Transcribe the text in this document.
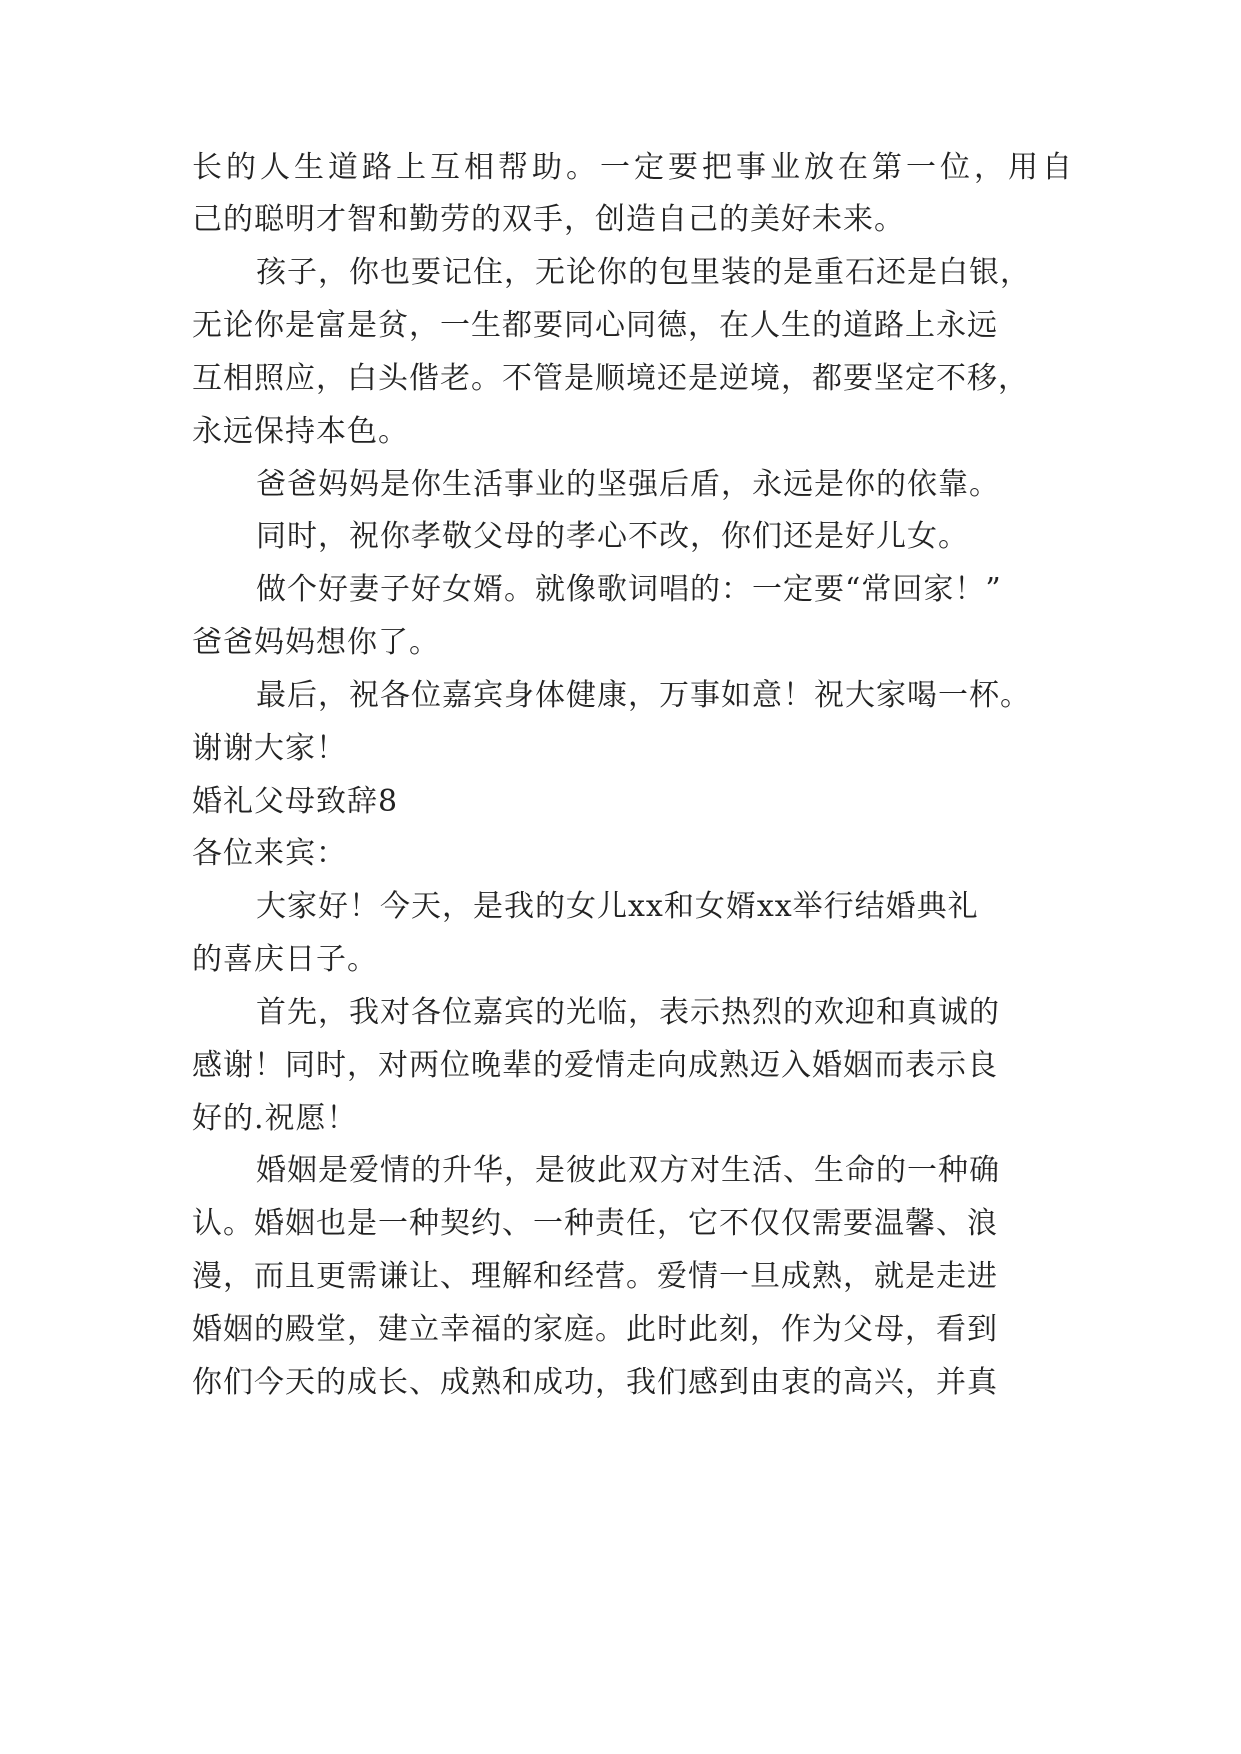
长的人生道路上互相帮助。一定要把事业放在第一位，用自
己的聪明才智和勤劳的双手，创造自己的美好未来。
孩子，你也要记住，无论你的包里装的是重石还是白银，
无论你是富是贫，一生都要同心同德，在人生的道路上永远
互相照应，白头偕老。不管是顺境还是逆境，都要坚定不移，
永远保持本色。
爸爸妈妈是你生活事业的坚强后盾，永远是你的依靠。
同时，祝你孝敬父母的孝心不改，你们还是好儿女。
做个好妻子好女婿。就像歌词唱的：一定要“常回家！”
爸爸妈妈想你了。
最后，祝各位嘉宾身体健康，万事如意！祝大家喝一杯。
谢谢大家！
婚礼父母致辞8
各位来宾：
大家好！今天，是我的女儿xx和女婿xx举行结婚典礼
的喜庆日子。
首先，我对各位嘉宾的光临，表示热烈的欢迎和真诚的
感谢！同时，对两位晚辈的爱情走向成熟迈入婚姻而表示良
好的.祝愿！
婚姻是爱情的升华，是彼此双方对生活、生命的一种确
认。婚姻也是一种契约、一种责任，它不仅仅需要温馨、浪
漫，而且更需谦让、理解和经营。爱情一旦成熟，就是走进
婚姻的殿堂，建立幸福的家庭。此时此刻，作为父母，看到
你们今天的成长、成熟和成功，我们感到由衷的高兴，并真
